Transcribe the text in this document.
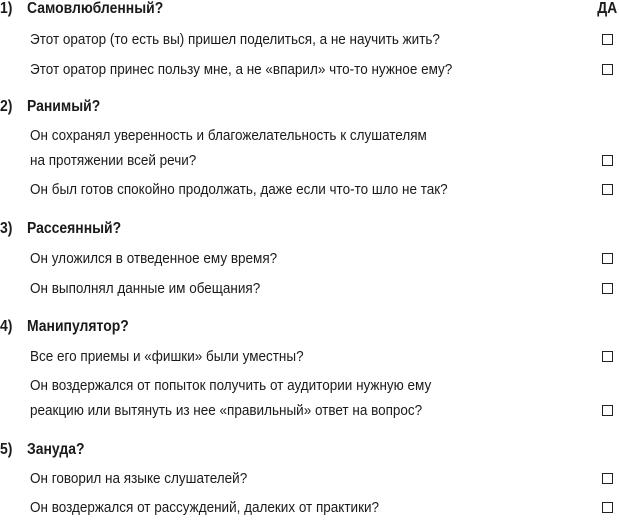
ДА
1) Самовлюбленный?
Этот оратор (то есть вы) пришел поделиться, а не научить жить?
Этот оратор принес пользу мне, а не «впарил» что-то нужное ему?
2) Ранимый?
Он сохранял уверенность и благожелательность к слушателям
на протяжении всей речи?
Он был готов спокойно продолжать, даже если что-то шло не так?
3) Рассеянный?
Он уложился в отведенное ему время?
Он выполнял данные им обещания?
4) Манипулятор?
Все его приемы и «фишки» были уместны?
Он воздержался от попыток получить от аудитории нужную ему
реакцию или вытянуть из нее «правильный» ответ на вопрос?
5) Зануда?
Он говорил на языке слушателей?
Он воздержался от рассуждений, далеких от практики?
